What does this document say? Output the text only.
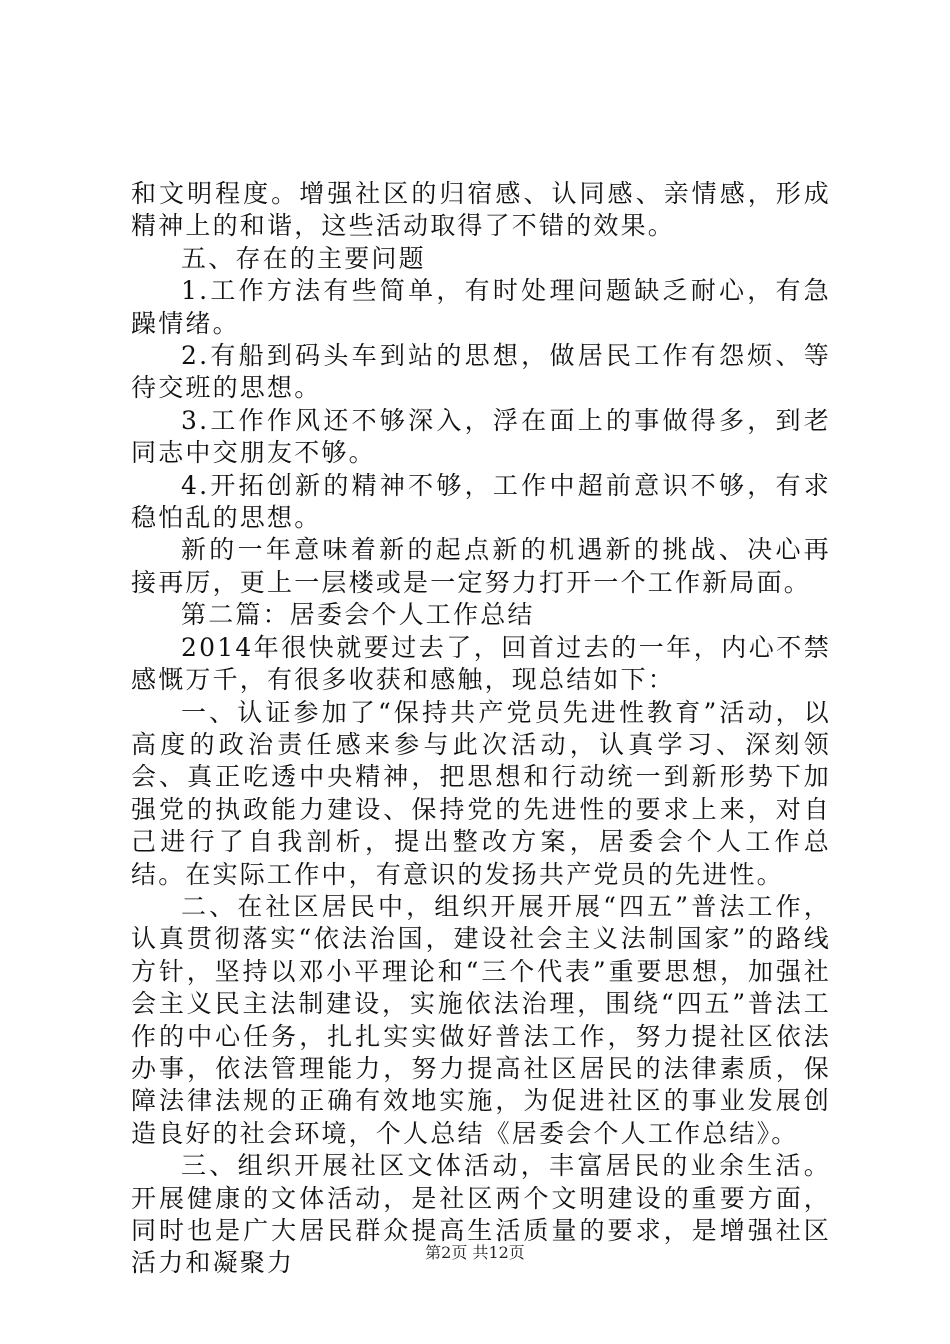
和文明程度。增强社区的归宿感、认同感、亲情感，形成精神上的和谐，这些活动取得了不错的效果。

五、存在的主要问题

1.工作方法有些简单，有时处理问题缺乏耐心，有急躁情绪。

2.有船到码头车到站的思想，做居民工作有怨烦、等待交班的思想。

3.工作作风还不够深入，浮在面上的事做得多，到老同志中交朋友不够。

4.开拓创新的精神不够，工作中超前意识不够，有求稳怕乱的思想。

新的一年意味着新的起点新的机遇新的挑战、决心再接再厉，更上一层楼或是一定努力打开一个工作新局面。

第二篇：居委会个人工作总结

2014年很快就要过去了，回首过去的一年，内心不禁感慨万千，有很多收获和感触，现总结如下：

一、认证参加了“保持共产党员先进性教育”活动，以高度的政治责任感来参与此次活动，认真学习、深刻领会、真正吃透中央精神，把思想和行动统一到新形势下加强党的执政能力建设、保持党的先进性的要求上来，对自己进行了自我剖析，提出整改方案，居委会个人工作总结。在实际工作中，有意识的发扬共产党员的先进性。

二、在社区居民中，组织开展开展“四五”普法工作，认真贯彻落实“依法治国，建设社会主义法制国家”的路线方针，坚持以邓小平理论和“三个代表”重要思想，加强社会主义民主法制建设，实施依法治理，围绕“四五”普法工作的中心任务，扎扎实实做好普法工作，努力提社区依法办事，依法管理能力，努力提高社区居民的法律素质，保障法律法规的正确有效地实施，为促进社区的事业发展创造良好的社会环境，个人总结《居委会个人工作总结》。

三、组织开展社区文体活动，丰富居民的业余生活。开展健康的文体活动，是社区两个文明建设的重要方面，同时也是广大居民群众提高生活质量的要求，是增强社区活力和凝聚力	第2页 共12页
